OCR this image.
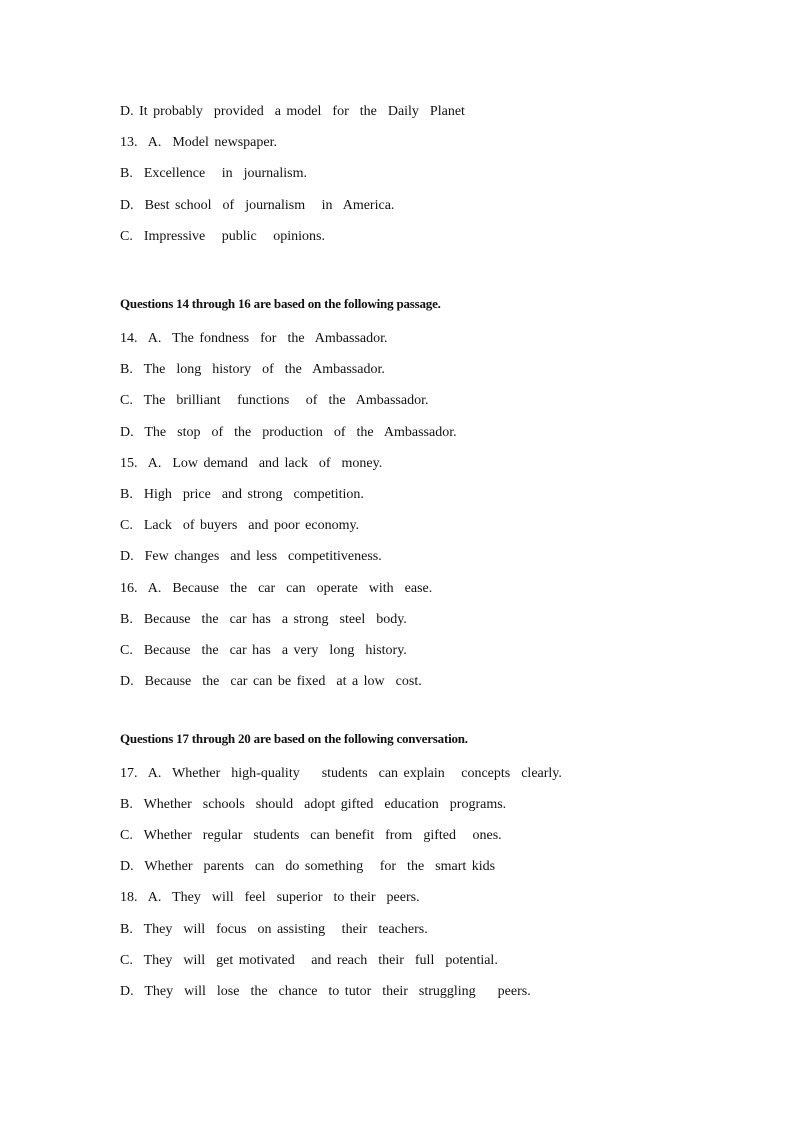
D. It probably  provided  a model  for  the  Daily  Planet
13.  A.  Model newspaper.
B.  Excellence   in  journalism.
D.  Best school  of  journalism   in  America.
C.  Impressive   public   opinions.
Questions 14 through 16 are based on the following passage.
14.  A.  The fondness  for  the  Ambassador.
B.  The  long  history  of  the  Ambassador.
C.  The  brilliant   functions   of  the  Ambassador.
D.  The  stop  of  the  production  of  the  Ambassador.
15.  A.  Low demand  and lack  of  money.
B.  High  price  and strong  competition.
C.  Lack  of buyers  and poor economy.
D.  Few changes  and less  competitiveness.
16.  A.  Because  the  car  can  operate  with  ease.
B.  Because  the  car has  a strong  steel  body.
C.  Because  the  car has  a very  long  history.
D.  Because  the  car can be fixed  at a low  cost.
Questions 17 through 20 are based on the following conversation.
17.  A.  Whether  high-quality    students  can explain   concepts  clearly.
B.  Whether  schools  should  adopt gifted  education  programs.
C.  Whether  regular  students  can benefit  from  gifted   ones.
D.  Whether  parents  can  do something   for  the  smart kids
18.  A.  They  will  feel  superior  to their  peers.
B.  They  will  focus  on assisting   their  teachers.
C.  They  will  get motivated   and reach  their  full  potential.
D.  They  will  lose  the  chance  to tutor  their  struggling    peers.
